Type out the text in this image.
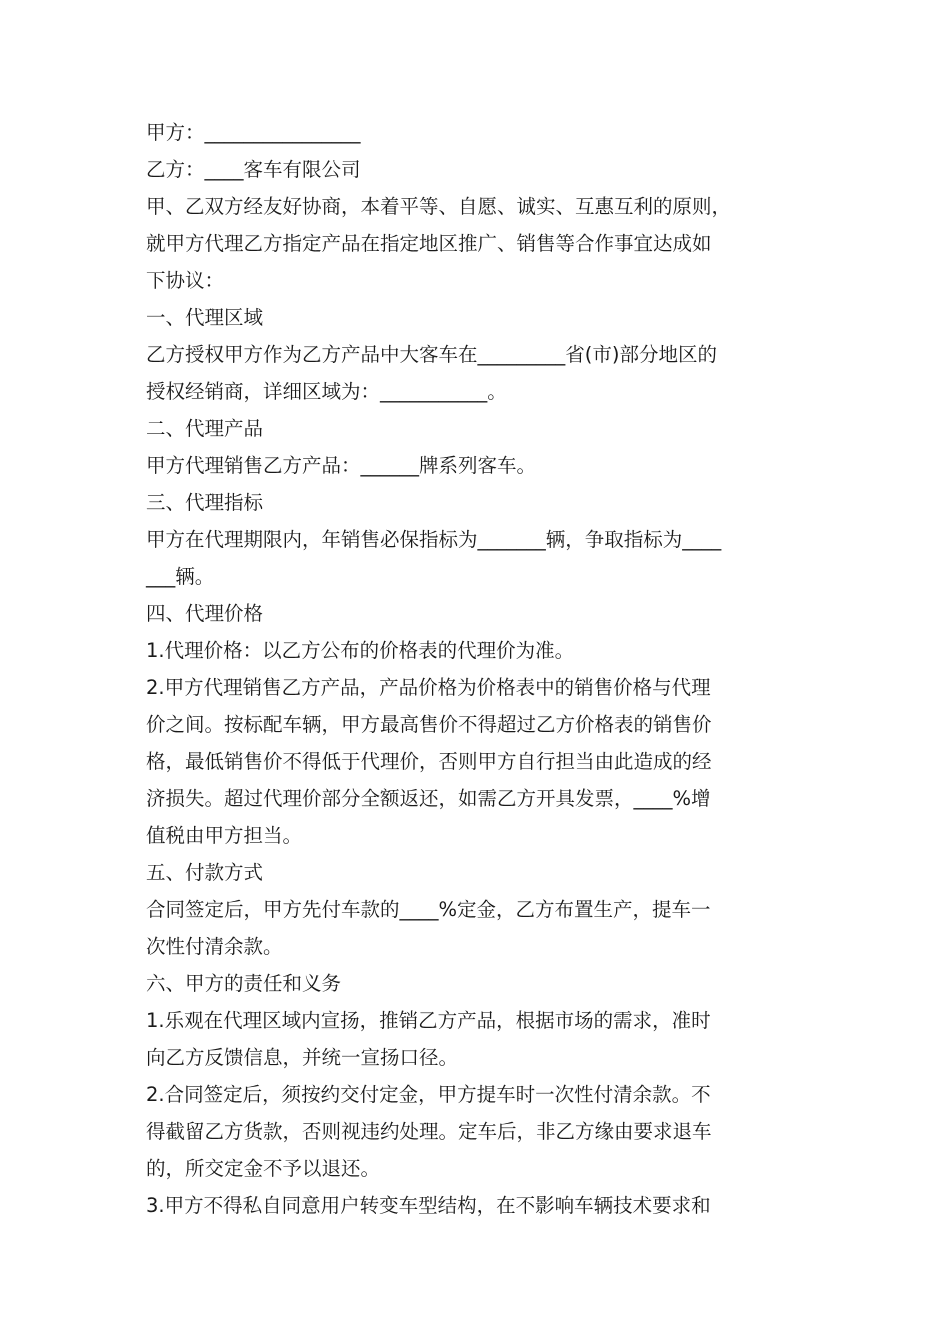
甲方：________________
乙方：____客车有限公司
甲、乙双方经友好协商，本着平等、自愿、诚实、互惠互利的原则，
就甲方代理乙方指定产品在指定地区推广、销售等合作事宜达成如
下协议：
一、代理区域
乙方授权甲方作为乙方产品中大客车在_________省(市)部分地区的
授权经销商，详细区域为：___________。
二、代理产品
甲方代理销售乙方产品：______牌系列客车。
三、代理指标
甲方在代理期限内，年销售必保指标为_______辆，争取指标为____
___辆。
四、代理价格
1.代理价格：以乙方公布的价格表的代理价为准。
2.甲方代理销售乙方产品，产品价格为价格表中的销售价格与代理
价之间。按标配车辆，甲方最高售价不得超过乙方价格表的销售价
格，最低销售价不得低于代理价，否则甲方自行担当由此造成的经
济损失。超过代理价部分全额返还，如需乙方开具发票，____%增
值税由甲方担当。
五、付款方式
合同签定后，甲方先付车款的____%定金，乙方布置生产，提车一
次性付清余款。
六、甲方的责任和义务
1.乐观在代理区域内宣扬，推销乙方产品，根据市场的需求，准时
向乙方反馈信息，并统一宣扬口径。
2.合同签定后，须按约交付定金，甲方提车时一次性付清余款。不
得截留乙方货款，否则视违约处理。定车后，非乙方缘由要求退车
的，所交定金不予以退还。
3.甲方不得私自同意用户转变车型结构，在不影响车辆技术要求和
